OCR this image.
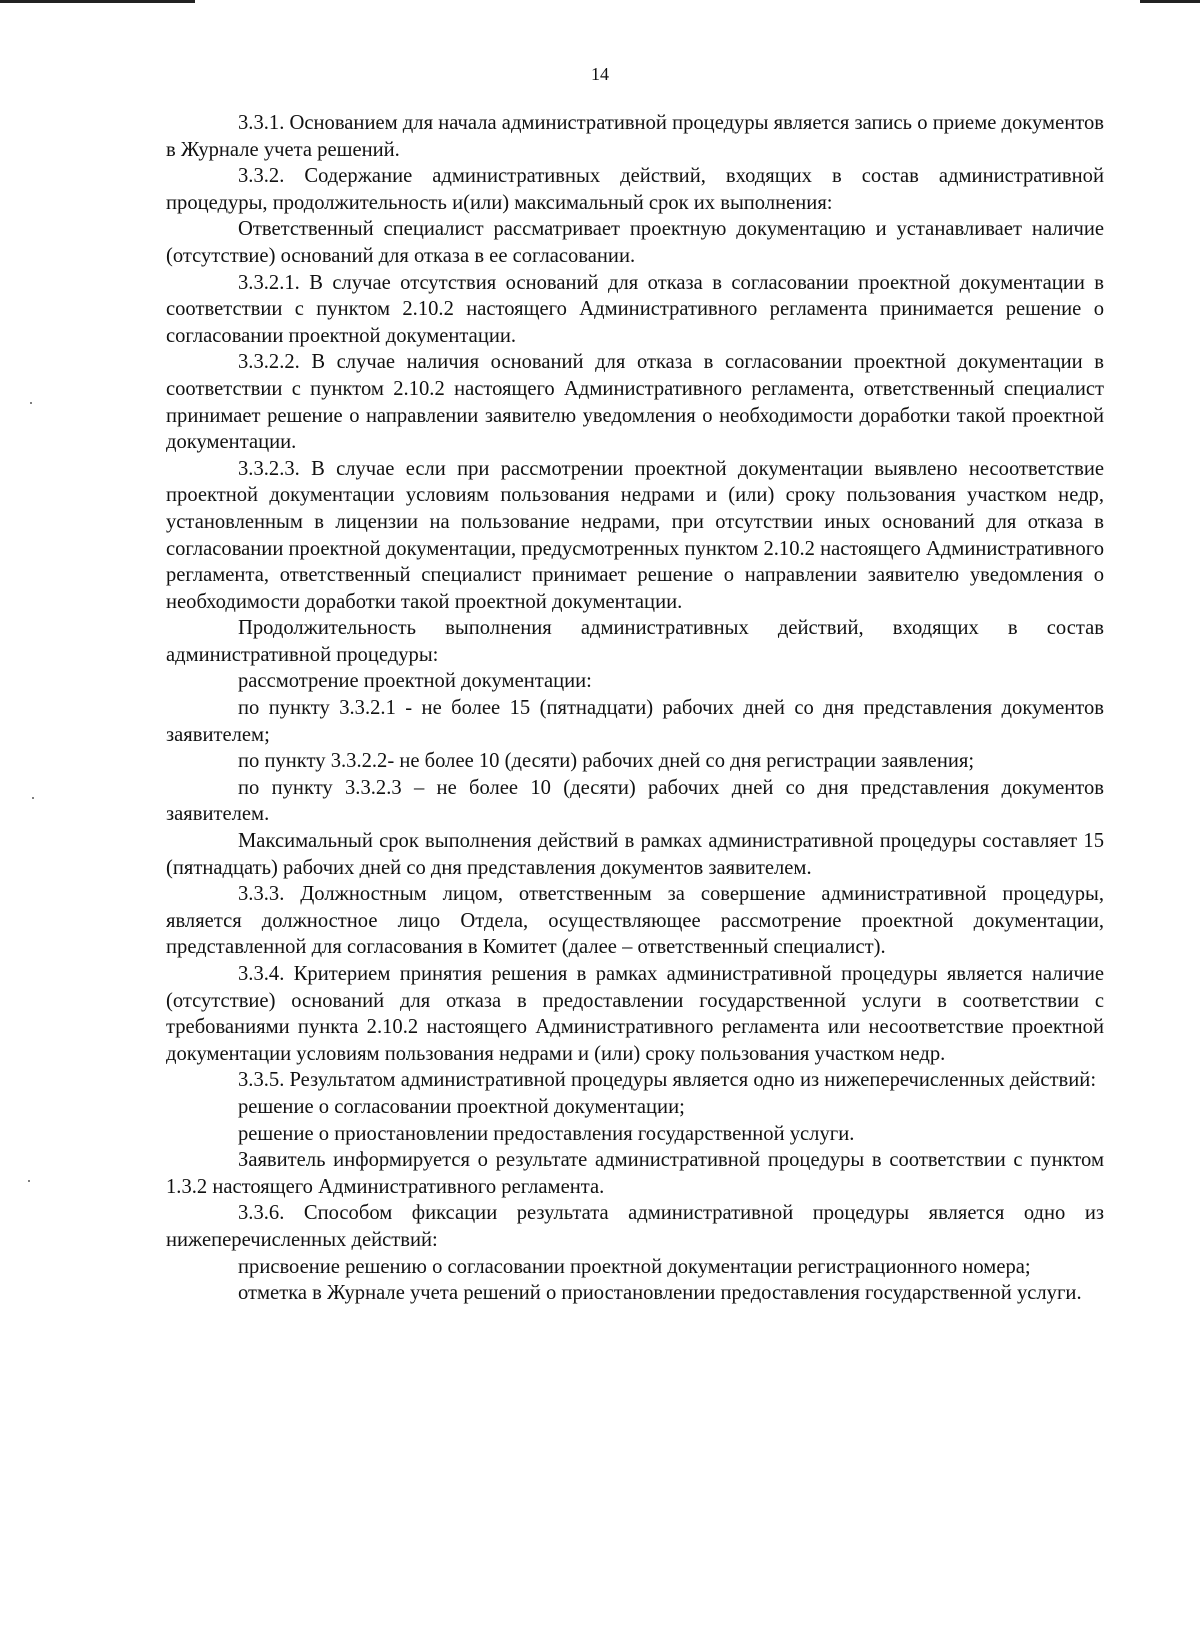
14

3.3.1. Основанием для начала административной процедуры является запись о приеме документов в Журнале учета решений.

3.3.2. Содержание административных действий, входящих в состав административной процедуры, продолжительность и(или) максимальный срок их выполнения:

Ответственный специалист рассматривает проектную документацию и устанавливает наличие (отсутствие) оснований для отказа в ее согласовании.

3.3.2.1. В случае отсутствия оснований для отказа в согласовании проектной документации в соответствии с пунктом 2.10.2 настоящего Административного регламента принимается решение о согласовании проектной документации.

3.3.2.2. В случае наличия оснований для отказа в согласовании проектной документации в соответствии с пунктом 2.10.2 настоящего Административного регламента, ответственный специалист принимает решение о направлении заявителю уведомления о необходимости доработки такой проектной документации.

3.3.2.3. В случае если при рассмотрении проектной документации выявлено несоответствие проектной документации условиям пользования недрами и (или) сроку пользования участком недр, установленным в лицензии на пользование недрами, при отсутствии иных оснований для отказа в согласовании проектной документации, предусмотренных пунктом 2.10.2 настоящего Административного регламента, ответственный специалист принимает решение о направлении заявителю уведомления о необходимости доработки такой проектной документации.

Продолжительность выполнения административных действий, входящих в состав административной процедуры:

рассмотрение проектной документации:

по пункту 3.3.2.1 - не более 15 (пятнадцати) рабочих дней со дня представления документов заявителем;

по пункту 3.3.2.2- не более 10 (десяти) рабочих дней со дня регистрации заявления;

по пункту 3.3.2.3 – не более 10 (десяти) рабочих дней со дня представления документов заявителем.

Максимальный срок выполнения действий в рамках административной процедуры составляет 15 (пятнадцать) рабочих дней со дня представления документов заявителем.

3.3.3. Должностным лицом, ответственным за совершение административной процедуры, является должностное лицо Отдела, осуществляющее рассмотрение проектной документации, представленной для согласования в Комитет (далее – ответственный специалист).

3.3.4. Критерием принятия решения в рамках административной процедуры является наличие (отсутствие) оснований для отказа в предоставлении государственной услуги в соответствии с требованиями пункта 2.10.2 настоящего Административного регламента или несоответствие проектной документации условиям пользования недрами и (или) сроку пользования участком недр.

3.3.5. Результатом административной процедуры является одно из нижеперечисленных действий:

решение о согласовании проектной документации;

решение о приостановлении предоставления государственной услуги.

Заявитель информируется о результате административной процедуры в соответствии с пунктом 1.3.2 настоящего Административного регламента.

3.3.6. Способом фиксации результата административной процедуры является одно из нижеперечисленных действий:

присвоение решению о согласовании проектной документации регистрационного номера;

отметка в Журнале учета решений о приостановлении предоставления государственной услуги.
